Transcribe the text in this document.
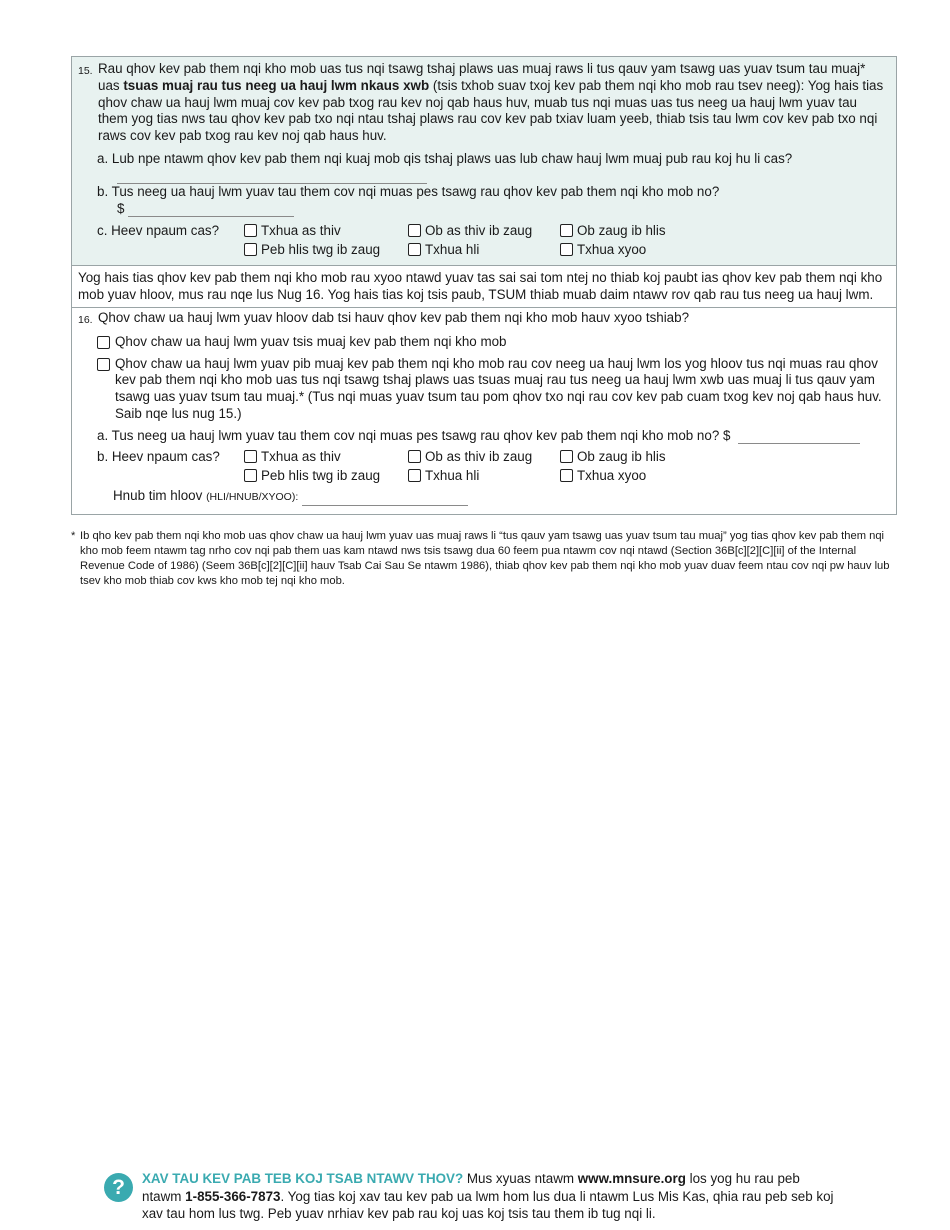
15. Rau qhov kev pab them nqi kho mob uas tus nqi tsawg tshaj plaws uas muaj raws li tus qauv yam tsawg uas yuav tsum tau muaj* uas tsuas muaj rau tus neeg ua hauj lwm nkaus xwb (tsis txhob suav txoj kev pab them nqi kho mob rau tsev neeg): Yog hais tias qhov chaw ua hauj lwm muaj cov kev pab txog rau kev noj qab haus huv, muab tus nqi muas uas tus neeg ua hauj lwm yuav tau them yog tias nws tau qhov kev pab txo nqi ntau tshaj plaws rau cov kev pab txiav luam yeeb, thiab tsis tau lwm cov kev pab txo nqi raws cov kev pab txog rau kev noj qab haus huv.
a. Lub npe ntawm qhov kev pab them nqi kuaj mob qis tshaj plaws uas lub chaw hauj lwm muaj pub rau koj hu li cas?
b. Tus neeg ua hauj lwm yuav tau them cov nqi muas pes tsawg rau qhov kev pab them nqi kho mob no?
$
c. Heev npaum cas?	Txhua as thiv	Ob as thiv ib zaug	Ob zaug ib hlis
Peb hlis twg ib zaug	Txhua hli	Txhua xyoo
Yog hais tias qhov kev pab them nqi kho mob rau xyoo ntawd yuav tas sai sai tom ntej no thiab koj paubt ias qhov kev pab them nqi kho mob yuav hloov, mus rau nqe lus Nug 16. Yog hais tias koj tsis paub, TSUM thiab muab daim ntawv rov qab rau tus neeg ua hauj lwm.
16. Qhov chaw ua hauj lwm yuav hloov dab tsi hauv qhov kev pab them nqi kho mob hauv xyoo tshiab?
Qhov chaw ua hauj lwm yuav tsis muaj kev pab them nqi kho mob
Qhov chaw ua hauj lwm yuav pib muaj kev pab them nqi kho mob rau cov neeg ua hauj lwm los yog hloov tus nqi muas rau qhov kev pab them nqi kho mob uas tus nqi tsawg tshaj plaws uas tsuas muaj rau tus neeg ua hauj lwm xwb uas muaj li tus qauv yam tsawg uas yuav tsum tau muaj.* (Tus nqi muas yuav tsum tau pom qhov txo nqi rau cov kev pab cuam txog kev noj qab haus huv. Saib nqe lus nug 15.)
a. Tus neeg ua hauj lwm yuav tau them cov nqi muas pes tsawg rau qhov kev pab them nqi kho mob no? $
b. Heev npaum cas?	Txhua as thiv	Ob as thiv ib zaug	Ob zaug ib hlis
Peb hlis twg ib zaug	Txhua hli	Txhua xyoo
Hnub tim hloov (HLI/HNUB/XYOO):
* Ib qho kev pab them nqi kho mob uas qhov chaw ua hauj lwm yuav uas muaj raws li “tus qauv yam tsawg uas yuav tsum tau muaj” yog tias qhov kev pab them nqi kho mob feem ntawm tag nrho cov nqi pab them uas kam ntawd nws tsis tsawg dua 60 feem pua ntawm cov nqi ntawd (Section 36B[c][2][C][ii] of the Internal Revenue Code of 1986) (Seem 36B[c][2][C][ii] hauv Tsab Cai Sau Se ntawm 1986), thiab qhov kev pab them nqi kho mob yuav duav feem ntau cov nqi pw hauv lub tsev kho mob thiab cov kws kho mob tej nqi kho mob.
?	XAV TAU KEV PAB TEB KOJ TSAB NTAWV THOV? Mus xyuas ntawm www.mnsure.org los yog hu rau peb ntawm 1-855-366-7873. Yog tias koj xav tau kev pab ua lwm hom lus dua li ntawm Lus Mis Kas, qhia rau peb seb koj xav tau hom lus twg. Peb yuav nrhiav kev pab rau koj uas koj tsis tau them ib tug nqi li.
